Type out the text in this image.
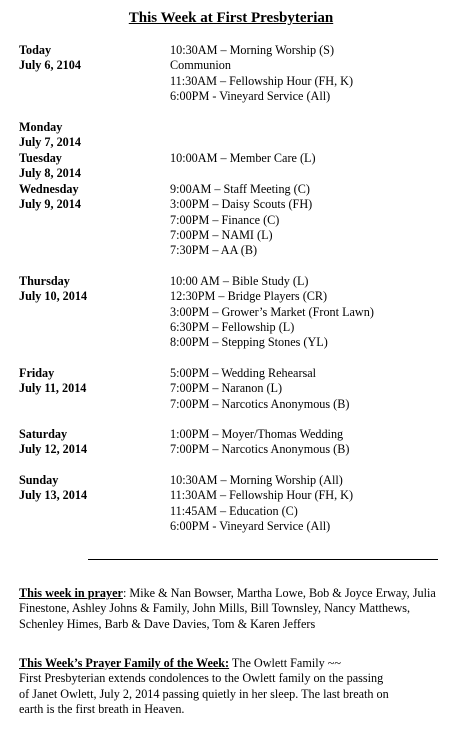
This Week at First Presbyterian
Today
July 6, 2104
10:30AM – Morning Worship (S)
Communion
11:30AM – Fellowship Hour (FH, K)
6:00PM - Vineyard Service (All)
Monday
July 7, 2014
Tuesday
July 8, 2014
10:00AM – Member Care (L)
Wednesday
July 9, 2014
9:00AM – Staff Meeting (C)
3:00PM – Daisy Scouts (FH)
7:00PM – Finance (C)
7:00PM – NAMI (L)
7:30PM – AA (B)
Thursday
July 10, 2014
10:00 AM – Bible Study (L)
12:30PM – Bridge Players (CR)
3:00PM – Grower’s Market (Front Lawn)
6:30PM – Fellowship (L)
8:00PM – Stepping Stones (YL)
Friday
July 11, 2014
5:00PM – Wedding Rehearsal
7:00PM – Naranon (L)
7:00PM – Narcotics Anonymous (B)
Saturday
July 12, 2014
1:00PM – Moyer/Thomas Wedding
7:00PM – Narcotics Anonymous (B)
Sunday
July 13, 2014
10:30AM – Morning Worship (All)
11:30AM – Fellowship Hour (FH, K)
11:45AM – Education (C)
6:00PM - Vineyard Service (All)
This week in prayer: Mike & Nan Bowser, Martha Lowe, Bob & Joyce Erway, Julia Finestone, Ashley Johns & Family, John Mills, Bill Townsley, Nancy Matthews, Schenley Himes, Barb & Dave Davies, Tom & Karen Jeffers
This Week’s Prayer Family of the Week: The Owlett Family ~~
First Presbyterian extends condolences to the Owlett family on the passing
of Janet Owlett, July 2, 2014 passing quietly in her sleep. The last breath on
earth is the first breath in Heaven.
